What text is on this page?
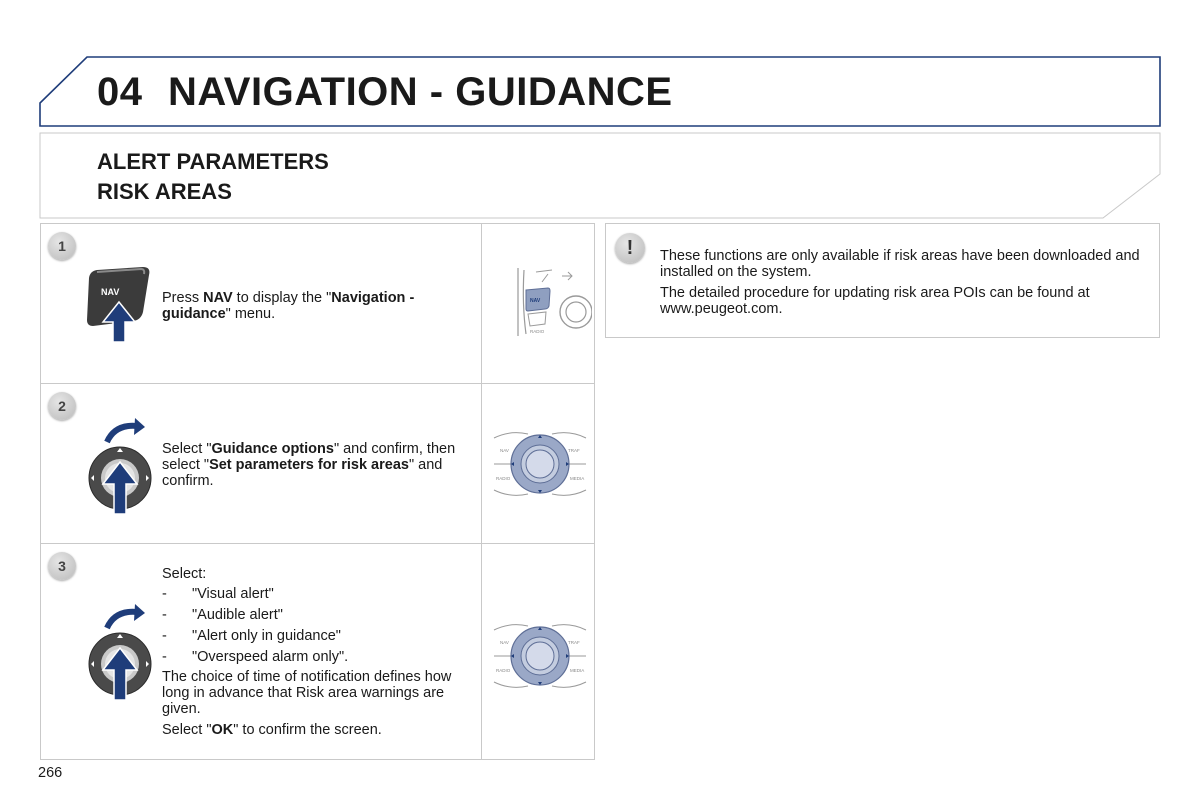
04 NAVIGATION - GUIDANCE
ALERT PARAMETERS
RISK AREAS
1
NAV	Press NAV to display the "Navigation - guidance" menu.

NAV
RADIO
2

Select "Guidance options" and confirm, then select "Set parameters for risk areas" and confirm.

NAV	TRAF
RADIO	MEDIA
3	Select:

-	"Visual alert"
-	"Audible alert"
-	"Alert only in guidance"
-	"Overspeed alarm only".

The choice of time of notification defines how long in advance that Risk area warnings are given.

Select "OK" to confirm the screen.

NAV	TRAF
RADIO	MEDIA
!	These functions are only available if risk areas have been downloaded and installed on the system.

The detailed procedure for updating risk area POIs can be found at www.peugeot.com.

266
